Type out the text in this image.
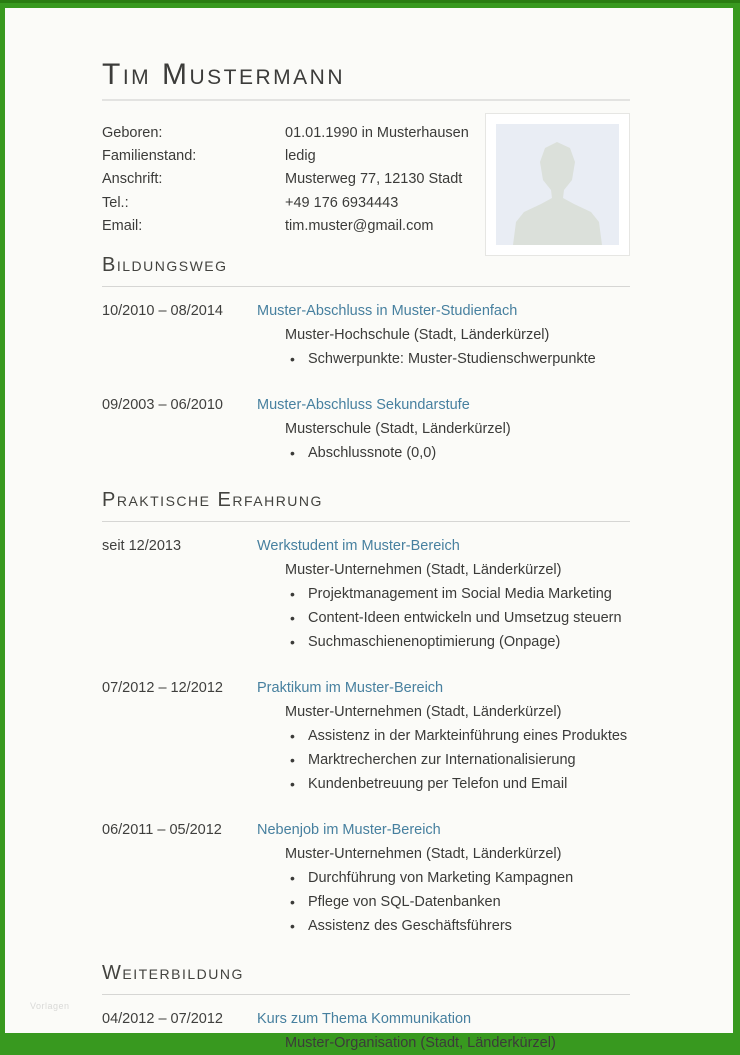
Tim Mustermann
Geboren:	01.01.1990 in Musterhausen
Familienstand:	ledig
Anschrift:	Musterweg 77, 12130 Stadt
Tel.:	+49 176 6934443
Email:	tim.muster@gmail.com
Bildungsweg
10/2010 – 08/2014	Muster-Abschluss in Muster-Studienfach
Muster-Hochschule (Stadt, Länderkürzel)
• Schwerpunkte: Muster-Studienschwerpunkte
09/2003 – 06/2010	Muster-Abschluss Sekundarstufe
Musterschule (Stadt, Länderkürzel)
• Abschlussnote (0,0)
Praktische Erfahrung
seit 12/2013	Werkstudent im Muster-Bereich
Muster-Unternehmen (Stadt, Länderkürzel)
• Projektmanagement im Social Media Marketing
• Content-Ideen entwickeln und Umsetzug steuern
• Suchmaschienenoptimierung (Onpage)
07/2012 – 12/2012	Praktikum im Muster-Bereich
Muster-Unternehmen (Stadt, Länderkürzel)
• Assistenz in der Markteinführung eines Produktes
• Marktrecherchen zur Internationalisierung
• Kundenbetreuung per Telefon und Email
06/2011 – 05/2012	Nebenjob im Muster-Bereich
Muster-Unternehmen (Stadt, Länderkürzel)
• Durchführung von Marketing Kampagnen
• Pflege von SQL-Datenbanken
• Assistenz des Geschäftsführers
Weiterbildung
04/2012 – 07/2012	Kurs zum Thema Kommunikation
Muster-Organisation (Stadt, Länderkürzel)
Vorlagen
